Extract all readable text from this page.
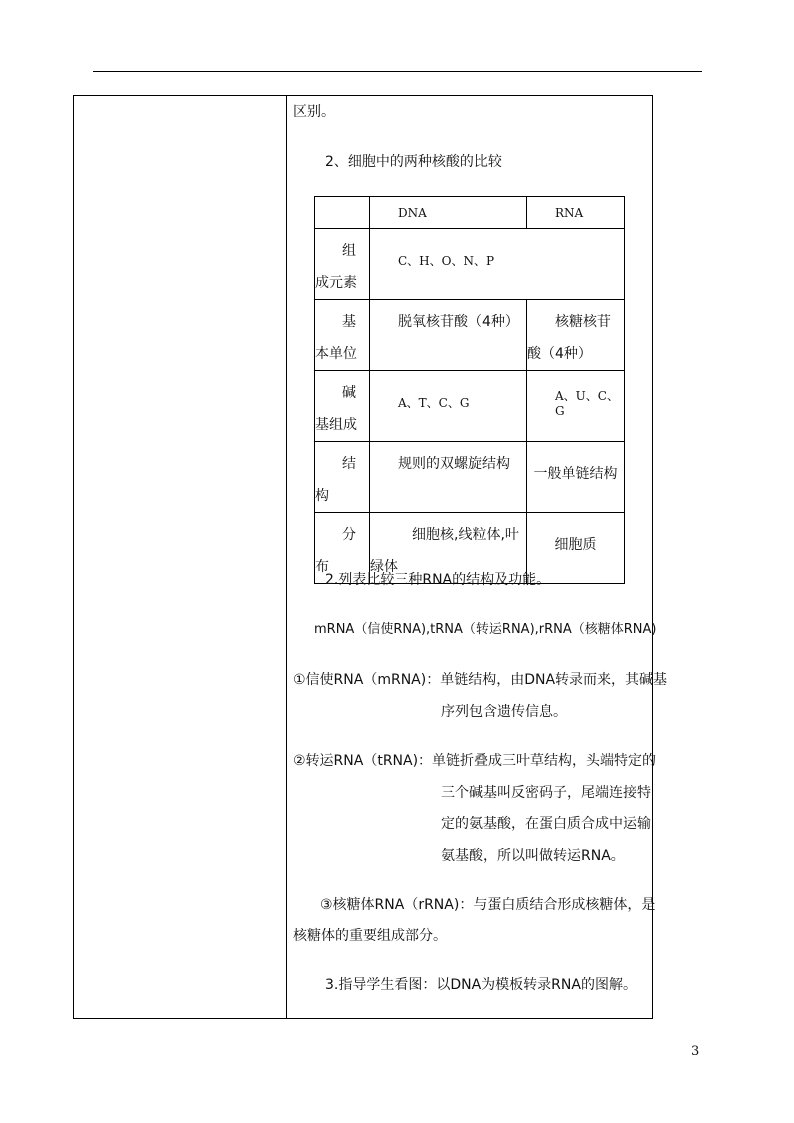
区别。
2、细胞中的两种核酸的比较
	DNA	RNA

组
成元素	C、H、O、N、P	

基
本单位	脱氧核苷酸（4种）	核糖核苷酸（4种）

碱
基组成	A、T、C、G	A、U、C、G

结
构	规则的双螺旋结构	一般单链结构

分
布	细胞核,线粒体,叶绿体	细胞质
2.列表比较三种RNA的结构及功能。
mRNA（信使RNA),tRNA（转运RNA),rRNA（核糖体RNA)
①信使RNA（mRNA)：单链结构，由DNA转录而来，其碱基
序列包含遗传信息。
②转运RNA（tRNA)：单链折叠成三叶草结构，头端特定的
三个碱基叫反密码子，尾端连接特
定的氨基酸，在蛋白质合成中运输
氨基酸，所以叫做转运RNA。
③核糖体RNA（rRNA)：与蛋白质结合形成核糖体，是
核糖体的重要组成部分。
3.指导学生看图：以DNA为模板转录RNA的图解。
3
